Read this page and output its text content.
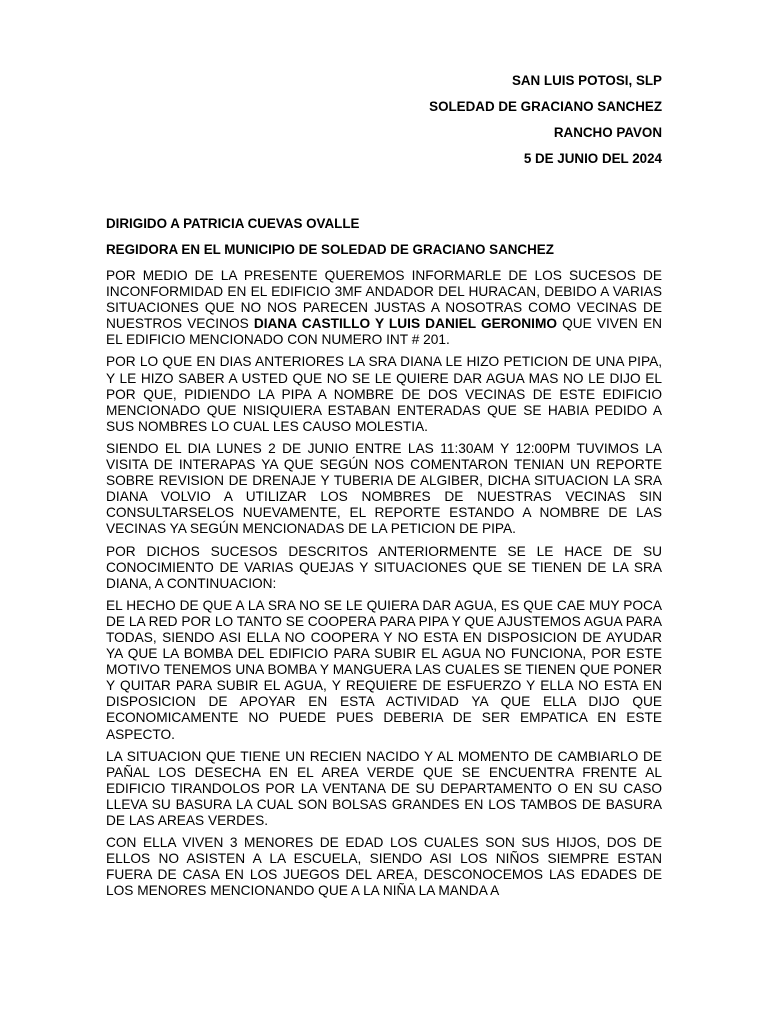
SAN LUIS POTOSI, SLP
SOLEDAD DE GRACIANO SANCHEZ
RANCHO PAVON
5 DE JUNIO DEL 2024
DIRIGIDO A PATRICIA CUEVAS OVALLE
REGIDORA EN EL MUNICIPIO DE SOLEDAD DE GRACIANO SANCHEZ

POR MEDIO DE LA PRESENTE QUEREMOS INFORMARLE DE LOS SUCESOS DE INCONFORMIDAD EN EL EDIFICIO 3MF ANDADOR DEL HURACAN, DEBIDO A VARIAS SITUACIONES QUE NO NOS PARECEN JUSTAS A NOSOTRAS COMO VECINAS DE NUESTROS VECINOS DIANA CASTILLO Y LUIS DANIEL GERONIMO QUE VIVEN EN EL EDIFICIO MENCIONADO CON NUMERO INT # 201.

POR LO QUE EN DIAS ANTERIORES LA SRA DIANA LE HIZO PETICION DE UNA PIPA, Y LE HIZO SABER A USTED QUE NO SE LE QUIERE DAR AGUA MAS NO LE DIJO EL POR QUE, PIDIENDO LA PIPA A NOMBRE DE DOS VECINAS DE ESTE EDIFICIO MENCIONADO QUE NISIQUIERA ESTABAN ENTERADAS QUE SE HABIA PEDIDO A SUS NOMBRES LO CUAL LES CAUSO MOLESTIA.

SIENDO EL DIA LUNES 2 DE JUNIO ENTRE LAS 11:30AM Y 12:00PM TUVIMOS LA VISITA DE INTERAPAS YA QUE SEGÚN NOS COMENTARON TENIAN UN REPORTE SOBRE REVISION DE DRENAJE Y TUBERIA DE ALGIBER, DICHA SITUACION LA SRA DIANA VOLVIO A UTILIZAR LOS NOMBRES DE NUESTRAS VECINAS SIN CONSULTARSELOS NUEVAMENTE, EL REPORTE ESTANDO A NOMBRE DE LAS VECINAS YA SEGÚN MENCIONADAS DE LA PETICION DE PIPA.

POR DICHOS SUCESOS DESCRITOS ANTERIORMENTE SE LE HACE DE SU CONOCIMIENTO DE VARIAS QUEJAS Y SITUACIONES QUE SE TIENEN DE LA SRA DIANA, A CONTINUACION:

EL HECHO DE QUE A LA SRA NO SE LE QUIERA DAR AGUA, ES QUE CAE MUY POCA DE LA RED POR LO TANTO SE COOPERA PARA PIPA Y QUE AJUSTEMOS AGUA PARA TODAS, SIENDO ASI ELLA NO COOPERA Y NO ESTA EN DISPOSICION DE AYUDAR YA QUE LA BOMBA DEL EDIFICIO PARA SUBIR EL AGUA NO FUNCIONA, POR ESTE MOTIVO TENEMOS UNA BOMBA Y MANGUERA LAS CUALES SE TIENEN QUE PONER Y QUITAR PARA SUBIR EL AGUA, Y REQUIERE DE ESFUERZO Y ELLA NO ESTA EN DISPOSICION DE APOYAR EN ESTA ACTIVIDAD YA QUE ELLA DIJO QUE ECONOMICAMENTE NO PUEDE PUES DEBERIA DE SER EMPATICA EN ESTE ASPECTO.

LA SITUACION QUE TIENE UN RECIEN NACIDO Y AL MOMENTO DE CAMBIARLO DE PAÑAL LOS DESECHA EN EL AREA VERDE QUE SE ENCUENTRA FRENTE AL EDIFICIO TIRANDOLOS POR LA VENTANA DE SU DEPARTAMENTO O EN SU CASO LLEVA SU BASURA LA CUAL SON BOLSAS GRANDES EN LOS TAMBOS DE BASURA DE LAS AREAS VERDES.

CON ELLA VIVEN 3 MENORES DE EDAD LOS CUALES SON SUS HIJOS, DOS DE ELLOS NO ASISTEN A LA ESCUELA, SIENDO ASI LOS NIÑOS SIEMPRE ESTAN FUERA DE CASA EN LOS JUEGOS DEL AREA, DESCONOCEMOS LAS EDADES DE LOS MENORES MENCIONANDO QUE A LA NIÑA LA MANDA A
